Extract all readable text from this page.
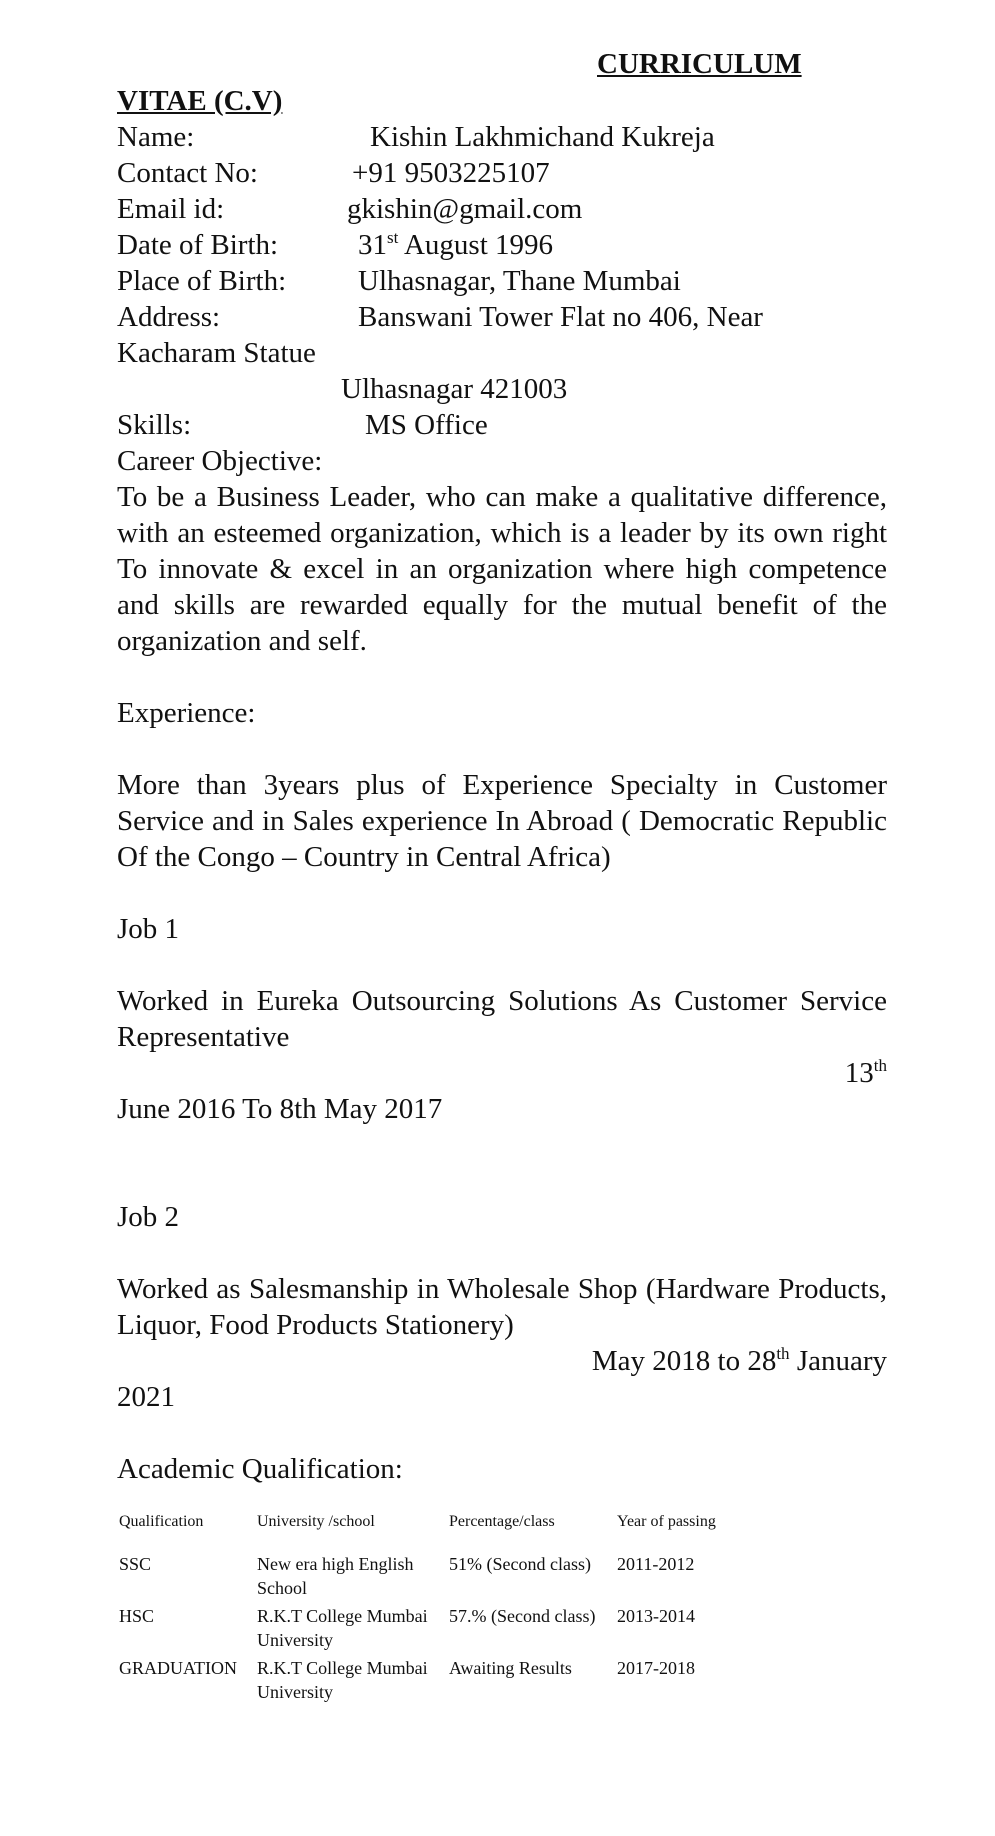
CURRICULUM
VITAE (C.V)
Name:	Kishin Lakhmichand Kukreja
Contact No:	+91 9503225107
Email id:	gkishin@gmail.com
Date of Birth:	31st August 1996
Place of Birth: Ulhasnagar, Thane Mumbai
Address:	Banswani Tower Flat no 406, Near
Kacharam Statue
Ulhasnagar 421003
Skills:	MS Office
Career Objective:
To be a Business Leader, who can make a qualitative difference, with an esteemed organization, which is a leader by its own right To innovate & excel in an organization where high competence and skills are rewarded equally for the mutual benefit of the organization and self.
Experience:
More than 3years plus of Experience Specialty in Customer Service and in Sales experience In Abroad ( Democratic Republic Of the Congo – Country in Central Africa)
Job 1
Worked in Eureka Outsourcing Solutions As Customer Service Representative
13th
June 2016 To 8th May 2017
Job 2
Worked as Salesmanship in Wholesale Shop (Hardware Products, Liquor, Food Products Stationery)
May 2018 to 28th January
2021
Academic Qualification:
Qualification	University /school	Percentage/class	Year of passing
SSC	New era high English School	51% (Second class)	2011-2012
HSC	R.K.T College Mumbai University	57.% (Second class)	2013-2014
GRADUATION	R.K.T College Mumbai University	Awaiting Results	2017-2018
